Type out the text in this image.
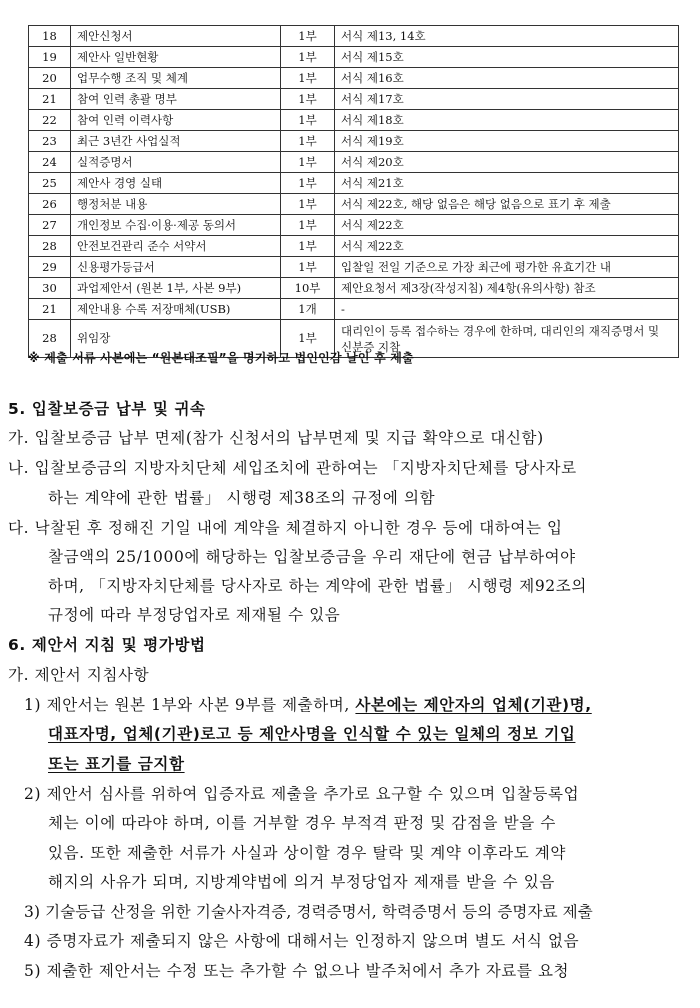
18	제안신청서	1부	서식 제13, 14호
19	제안사 일반현황	1부	서식 제15호
20	업무수행 조직 및 체계	1부	서식 제16호
21	참여 인력 총괄 명부	1부	서식 제17호
22	참여 인력 이력사항	1부	서식 제18호
23	최근 3년간 사업실적	1부	서식 제19호
24	실적증명서	1부	서식 제20호
25	제안사 경영 실태	1부	서식 제21호
26	행정처분 내용	1부	서식 제22호, 해당 없음은 해당 없음으로 표기 후 제출
27	개인정보 수집·이용·제공 동의서	1부	서식 제22호
28	안전보건관리 준수 서약서	1부	서식 제22호
29	신용평가등급서	1부	입찰일 전일 기준으로 가장 최근에 평가한 유효기간 내
30	과업제안서 (원본 1부, 사본 9부)	10부	제안요청서 제3장(작성지침) 제4항(유의사항) 참조
21	제안내용 수록 저장매체(USB)	1개	-
28	위임장	1부	대리인이 등록 접수하는 경우에 한하며, 대리인의 재직증명서 및 신분증 지참
※ 제출 서류 사본에는 “원본대조필”을 명기하고 법인인감 날인 후 제출
5. 입찰보증금 납부 및 귀속
가. 입찰보증금 납부 면제(참가 신청서의 납부면제 및 지급 확약으로 대신함)
나. 입찰보증금의 지방자치단체 세입조치에 관하여는 「지방자치단체를 당사자로
하는 계약에 관한 법률」 시행령 제38조의 규정에 의함
다. 낙찰된 후 정해진 기일 내에 계약을 체결하지 아니한 경우 등에 대하여는 입
찰금액의 25/1000에 해당하는 입찰보증금을 우리 재단에 현금 납부하여야
하며, 「지방자치단체를 당사자로 하는 계약에 관한 법률」 시행령 제92조의
규정에 따라 부정당업자로 제재될 수 있음
6. 제안서 지침 및 평가방법
가. 제안서 지침사항
1) 제안서는 원본 1부와 사본 9부를 제출하며, 사본에는 제안자의 업체(기관)명,
대표자명, 업체(기관)로고 등 제안사명을 인식할 수 있는 일체의 정보 기입
또는 표기를 금지함
2) 제안서 심사를 위하여 입증자료 제출을 추가로 요구할 수 있으며 입찰등록업
체는 이에 따라야 하며, 이를 거부할 경우 부적격 판정 및 감점을 받을 수
있음. 또한 제출한 서류가 사실과 상이할 경우 탈락 및 계약 이후라도 계약
해지의 사유가 되며, 지방계약법에 의거 부정당업자 제재를 받을 수 있음
3) 기술등급 산정을 위한 기술사자격증, 경력증명서, 학력증명서 등의 증명자료 제출
4) 증명자료가 제출되지 않은 사항에 대해서는 인정하지 않으며 별도 서식 없음
5) 제출한 제안서는 수정 또는 추가할 수 없으나 발주처에서 추가 자료를 요청
